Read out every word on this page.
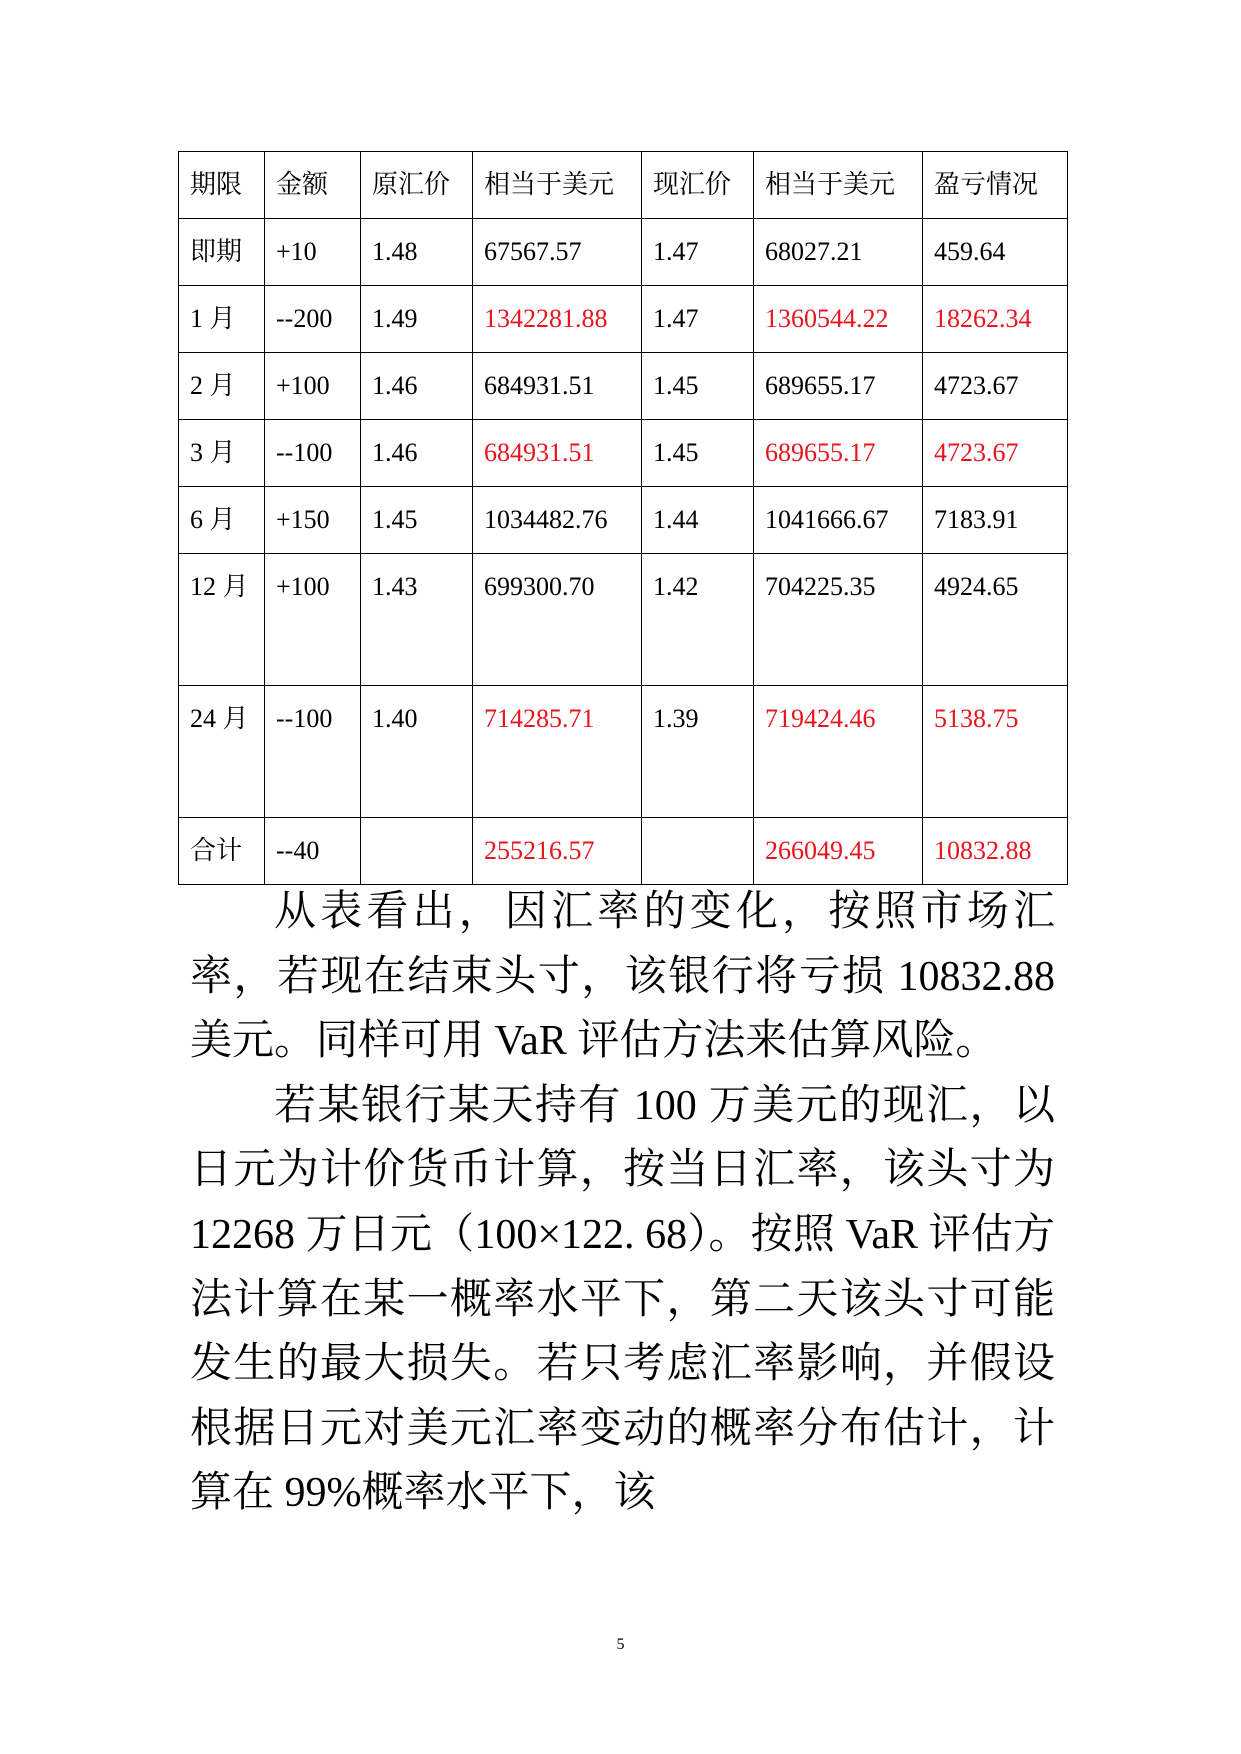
期限	金额	原汇价	相当于美元	现汇价	相当于美元	盈亏情况
即期	+10	1.48	67567.57	1.47	68027.21	459.64
1 月	--200	1.49	1342281.88	1.47	1360544.22	18262.34
2 月	+100	1.46	684931.51	1.45	689655.17	4723.67
3 月	--100	1.46	684931.51	1.45	689655.17	4723.67
6 月	+150	1.45	1034482.76	1.44	1041666.67	7183.91
12 月	+100	1.43	699300.70	1.42	704225.35	4924.65
24 月	--100	1.40	714285.71	1.39	719424.46	5138.75
合计	--40		255216.57		266049.45	10832.88

从表看出，因汇率的变化，按照市场汇率，若现在结束头寸，该银行将亏损 10832.88 美元。同样可用 VaR 评估方法来估算风险。

若某银行某天持有 100 万美元的现汇，以日元为计价货币计算，按当日汇率，该头寸为 12268 万日元（100×122. 68）。按照 VaR 评估方法计算在某一概率水平下，第二天该头寸可能发生的最大损失。若只考虑汇率影响，并假设根据日元对美元汇率变动的概率分布估计，计算在 99%概率水平下，该

5
